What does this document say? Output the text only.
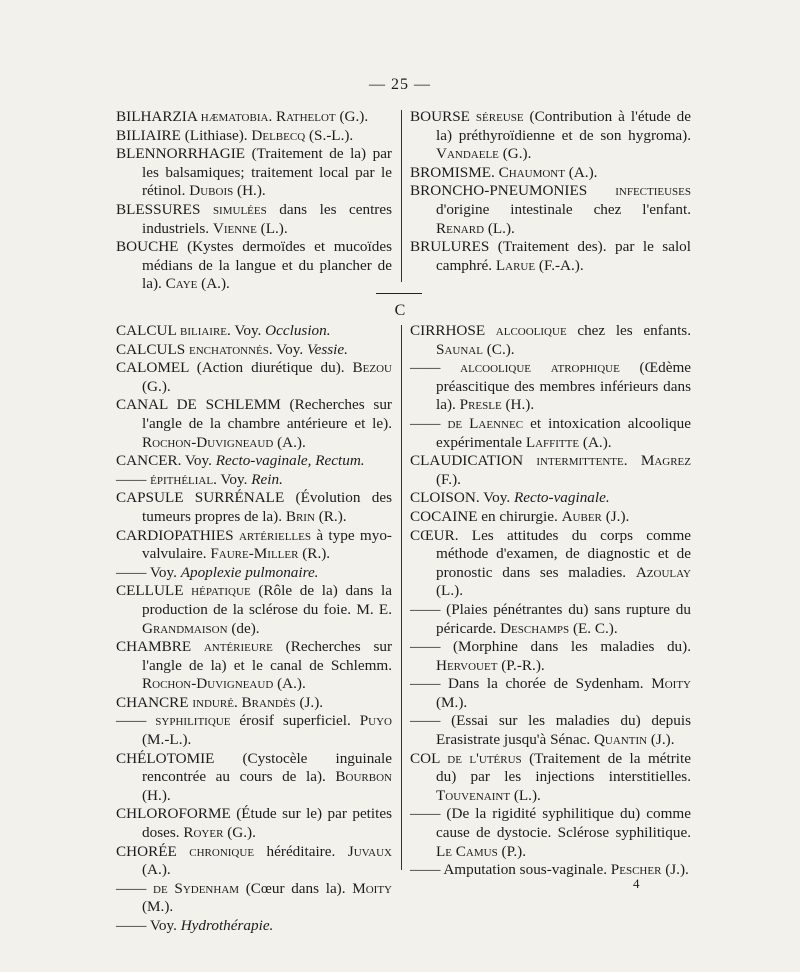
— 25 —

BILHARZIA hæmatobia. Rathelot (G.).

BILIAIRE (Lithiase). Delbecq (S.-L.).

BLENNORRHAGIE (Traitement de la) par les balsamiques; traitement local par le rétinol. Dubois (H.).

BLESSURES simulées dans les centres industriels. Vienne (L.).

BOUCHE (Kystes dermoïdes et mucoïdes médians de la langue et du plancher de la). Caye (A.).

BOURSE séreuse (Contribution à l'étude de la) préthyroïdienne et de son hygroma). Vandaele (G.).

BROMISME. Chaumont (A.).

BRONCHO-PNEUMONIES infectieuses d'origine intestinale chez l'enfant. Renard (L.).

BRULURES (Traitement des). par le salol camphré. Larue (F.-A.).

C

CALCUL biliaire. Voy. Occlusion.

CALCULS enchatonnés. Voy. Vessie.

CALOMEL (Action diurétique du). Bezou (G.).

CANAL DE SCHLEMM (Recherches sur l'angle de la chambre antérieure et le). Rochon-Duvigneaud (A.).

CANCER. Voy. Recto-vaginale, Rectum.

—— épithélial. Voy. Rein.

CAPSULE SURRÉNALE (Évolution des tumeurs propres de la). Brin (R.).

CARDIOPATHIES artérielles à type myo-valvulaire. Faure-Miller (R.).

—— Voy. Apoplexie pulmonaire.

CELLULE hépatique (Rôle de la) dans la production de la sclérose du foie. M. E. Grandmaison (de).

CHAMBRE antérieure (Recherches sur l'angle de la) et le canal de Schlemm. Rochon-Duvigneaud (A.).

CHANCRE induré. Brandès (J.).

—— syphilitique érosif superficiel. Puyo (M.-L.).

CHÉLOTOMIE (Cystocèle inguinale rencontrée au cours de la). Bourbon (H.).

CHLOROFORME (Étude sur le) par petites doses. Royer (G.).

CHORÉE chronique héréditaire. Juvaux (A.).

—— de Sydenham (Cœur dans la). Moity (M.).

—— Voy. Hydrothérapie.

CIRRHOSE alcoolique chez les enfants. Saunal (C.).

—— alcoolique atrophique (Œdème préascitique des membres inférieurs dans la). Presle (H.).

—— de Laennec et intoxication alcoolique expérimentale Laffitte (A.).

CLAUDICATION intermittente. Magrez (F.).

CLOISON. Voy. Recto-vaginale.

COCAINE en chirurgie. Auber (J.).

CŒUR. Les attitudes du corps comme méthode d'examen, de diagnostic et de pronostic dans ses maladies. Azoulay (L.).

—— (Plaies pénétrantes du) sans rupture du péricarde. Deschamps (E. C.).

—— (Morphine dans les maladies du). Hervouet (P.-R.).

—— Dans la chorée de Sydenham. Moity (M.).

—— (Essai sur les maladies du) depuis Erasistrate jusqu'à Sénac. Quantin (J.).

COL de l'utérus (Traitement de la métrite du) par les injections interstitielles. Touvenaint (L.).

—— (De la rigidité syphilitique du) comme cause de dystocie. Sclérose syphilitique. Le Camus (P.).

—— Amputation sous-vaginale. Pescher (J.).

4
